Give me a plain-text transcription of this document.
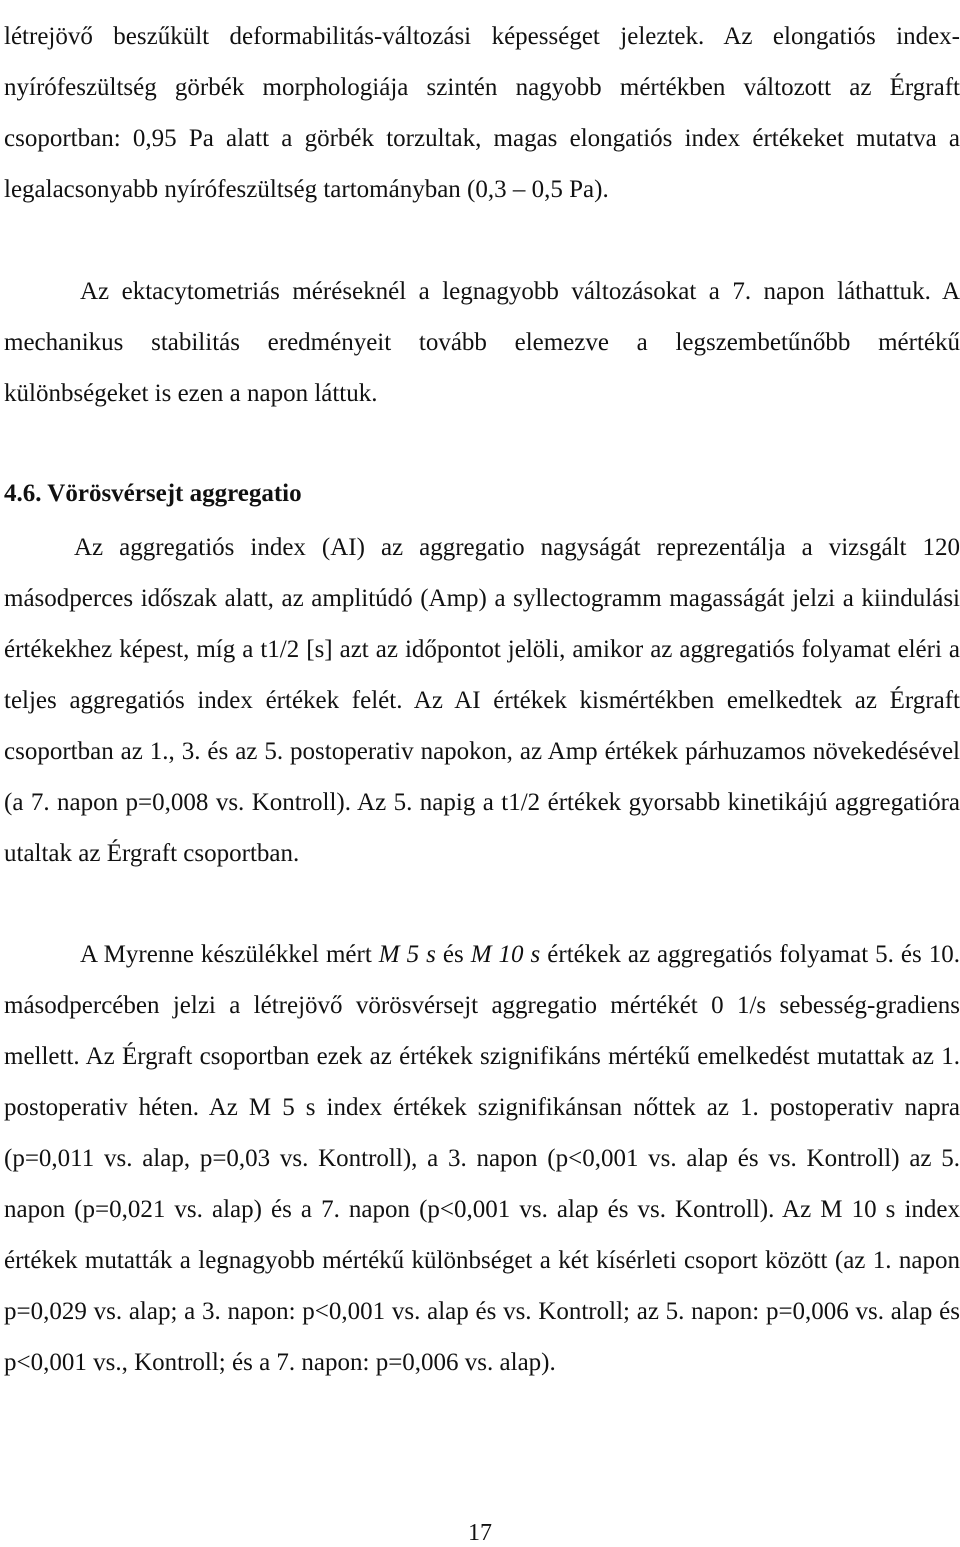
létrejövő beszűkült deformabilitás-változási képességet jeleztek. Az elongatiós index-nyírófeszültség görbék morphologiája szintén nagyobb mértékben változott az Érgraft csoportban: 0,95 Pa alatt a görbék torzultak, magas elongatiós index értékeket mutatva a legalacsonyabb nyírófeszültség tartományban (0,3 – 0,5 Pa).

Az ektacytometriás méréseknél a legnagyobb változásokat a 7. napon láthattuk. A mechanikus stabilitás eredményeit tovább elemezve a legszembetűnőbb mértékű különbségeket is ezen a napon láttuk.

4.6. Vörösvérsejt aggregatio

Az aggregatiós index (AI) az aggregatio nagyságát reprezentálja a vizsgált 120 másodperces időszak alatt, az amplitúdó (Amp) a syllectogramm magasságát jelzi a kiindulási értékekhez képest, míg a t1/2 [s] azt az időpontot jelöli, amikor az aggregatiós folyamat eléri a teljes aggregatiós index értékek felét. Az AI értékek kismértékben emelkedtek az Érgraft csoportban az 1., 3. és az 5. postoperativ napokon, az Amp értékek párhuzamos növekedésével (a 7. napon p=0,008 vs. Kontroll). Az 5. napig a t1/2 értékek gyorsabb kinetikájú aggregatióra utaltak az Érgraft csoportban.

A Myrenne készülékkel mért M 5 s és M 10 s értékek az aggregatiós folyamat 5. és 10. másodpercében jelzi a létrejövő vörösvérsejt aggregatio mértékét 0 1/s sebesség-gradiens mellett. Az Érgraft csoportban ezek az értékek szignifikáns mértékű emelkedést mutattak az 1. postoperativ héten. Az M 5 s index értékek szignifikánsan nőttek az 1. postoperativ napra (p=0,011 vs. alap, p=0,03 vs. Kontroll), a 3. napon (p<0,001 vs. alap és vs. Kontroll) az 5. napon (p=0,021 vs. alap) és a 7. napon (p<0,001 vs. alap és vs. Kontroll). Az M 10 s index értékek mutatták a legnagyobb mértékű különbséget a két kísérleti csoport között (az 1. napon p=0,029 vs. alap; a 3. napon: p<0,001 vs. alap és vs. Kontroll; az 5. napon: p=0,006 vs. alap és p<0,001 vs., Kontroll; és a 7. napon: p=0,006 vs. alap).

17
